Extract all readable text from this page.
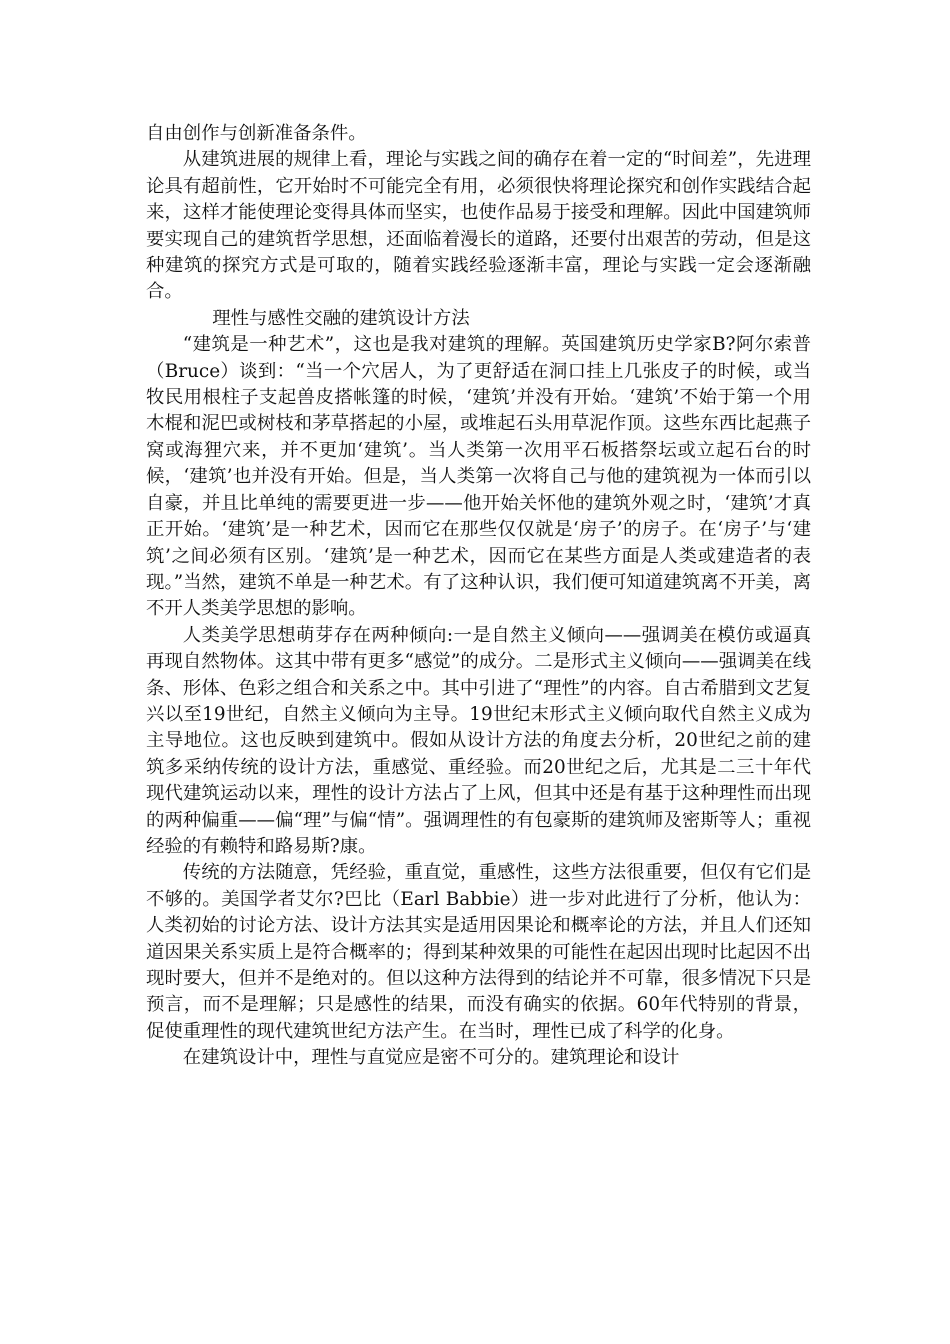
自由创作与创新准备条件。

从建筑进展的规律上看，理论与实践之间的确存在着一定的“时间差”，先进理论具有超前性，它开始时不可能完全有用，必须很快将理论探究和创作实践结合起来，这样才能使理论变得具体而坚实，也使作品易于接受和理解。因此中国建筑师要实现自己的建筑哲学思想，还面临着漫长的道路，还要付出艰苦的劳动，但是这种建筑的探究方式是可取的，随着实践经验逐渐丰富，理论与实践一定会逐渐融合。

理性与感性交融的建筑设计方法

“建筑是一种艺术”，这也是我对建筑的理解。英国建筑历史学家B?阿尔索普（Bruce）谈到：“当一个穴居人，为了更舒适在洞口挂上几张皮子的时候，或当牧民用根柱子支起兽皮搭帐篷的时候，‘建筑’并没有开始。‘建筑’不始于第一个用木棍和泥巴或树枝和茅草搭起的小屋，或堆起石头用草泥作顶。这些东西比起燕子窝或海狸穴来，并不更加‘建筑’。当人类第一次用平石板搭祭坛或立起石台的时候，‘建筑’也并没有开始。但是，当人类第一次将自己与他的建筑视为一体而引以自豪，并且比单纯的需要更进一步——他开始关怀他的建筑外观之时，‘建筑’才真正开始。‘建筑’是一种艺术，因而它在那些仅仅就是‘房子’的房子。在‘房子’与‘建筑’之间必须有区别。‘建筑’是一种艺术，因而它在某些方面是人类或建造者的表现。”当然，建筑不单是一种艺术。有了这种认识，我们便可知道建筑离不开美，离不开人类美学思想的影响。

人类美学思想萌芽存在两种倾向:一是自然主义倾向——强调美在模仿或逼真再现自然物体。这其中带有更多“感觉”的成分。二是形式主义倾向——强调美在线条、形体、色彩之组合和关系之中。其中引进了“理性”的内容。自古希腊到文艺复兴以至19世纪，自然主义倾向为主导。19世纪末形式主义倾向取代自然主义成为主导地位。这也反映到建筑中。假如从设计方法的角度去分析，20世纪之前的建筑多采纳传统的设计方法，重感觉、重经验。而20世纪之后，尤其是二三十年代现代建筑运动以来，理性的设计方法占了上风，但其中还是有基于这种理性而出现的两种偏重——偏“理”与偏“情”。强调理性的有包豪斯的建筑师及密斯等人；重视经验的有赖特和路易斯?康。

传统的方法随意，凭经验，重直觉，重感性，这些方法很重要，但仅有它们是不够的。美国学者艾尔?巴比（Earl Babbie）进一步对此进行了分析，他认为：人类初始的讨论方法、设计方法其实是适用因果论和概率论的方法，并且人们还知道因果关系实质上是符合概率的；得到某种效果的可能性在起因出现时比起因不出现时要大，但并不是绝对的。但以这种方法得到的结论并不可靠，很多情况下只是预言，而不是理解；只是感性的结果，而没有确实的依据。60年代特别的背景，促使重理性的现代建筑世纪方法产生。在当时，理性已成了科学的化身。

在建筑设计中，理性与直觉应是密不可分的。建筑理论和设计
